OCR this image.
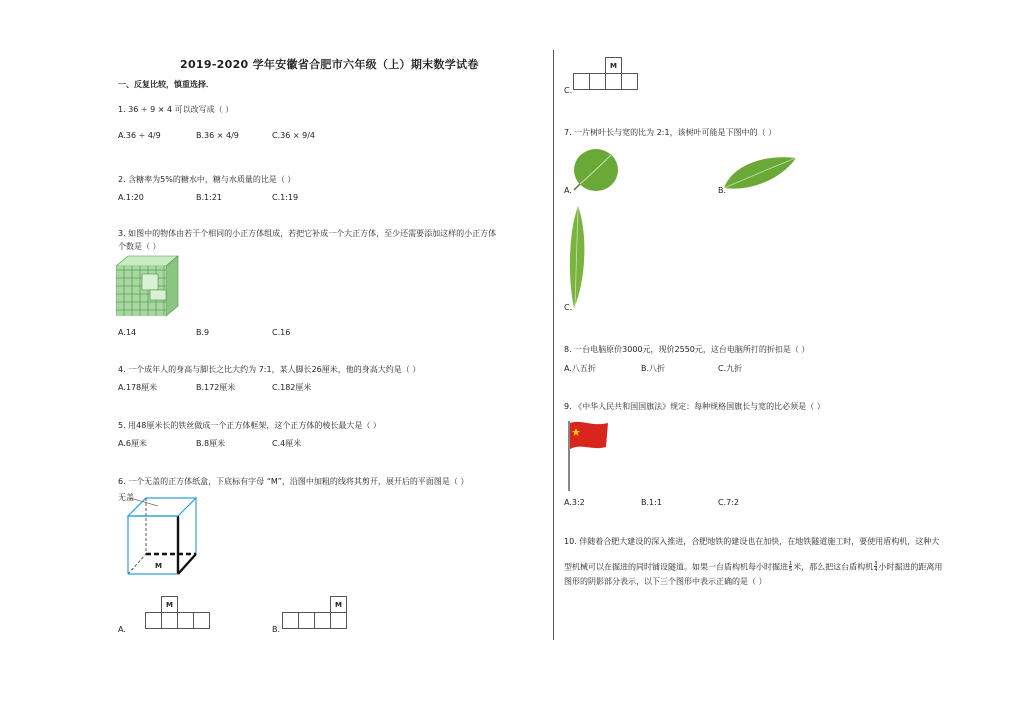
2019-2020 学年安徽省合肥市六年级（上）期末数学试卷
一、反复比较，慎重选择．
1. 36 ÷ 9 × 4 可以改写成（ ）
A.36 ÷ 4/9	B.36 × 4/9	C.36 × 9/4
2. 含糖率为5%的糖水中，糖与水质量的比是（ ）
A.1:20	B.1:21	C.1:19
3. 如图中的物体由若干个相同的小正方体组成，若把它补成一个大正方体，至少还需要添加这样的小正方体
个数是（ ）
A.14	B.9	C.16
4. 一个成年人的身高与脚长之比大约为 7:1，某人脚长26厘米，他的身高大约是（ ）
A.178厘米	B.172厘米	C.182厘米
5. 用48厘米长的铁丝做成一个正方体框架，这个正方体的棱长最大是（ ）
A.6厘米	B.8厘米	C.4厘米
6. 一个无盖的正方体纸盒，下底标有字母 “M”，沿图中加粗的线将其剪开，展开后的平面图是（ ）
无盖
M
A.
	M		

B.
			M

		M	

C.
7. 一片树叶长与宽的比为 2:1，该树叶可能是下图中的（ ）
A.	B.
C.
8. 一台电脑原价3000元，现价2550元，这台电脑所打的折扣是（ ）
A.八五折	B.八折	C.九折
9. 《中华人民共和国国旗法》规定：每种规格国旗长与宽的比必须是（ ）
A.3:2	B.1:1	C.7:2
10. 伴随着合肥大建设的深入推进，合肥地铁的建设也在加快，在地铁隧道施工时，要使用盾构机，这种大
型机械可以在掘进的同时铺设隧道。如果一台盾构机每小时掘进$\frac{1}{5}$米，那么把这台盾构机$\frac{3}{4}$小时掘进的距离用
图形的阴影部分表示，以下三个图形中表示正确的是（ ）
